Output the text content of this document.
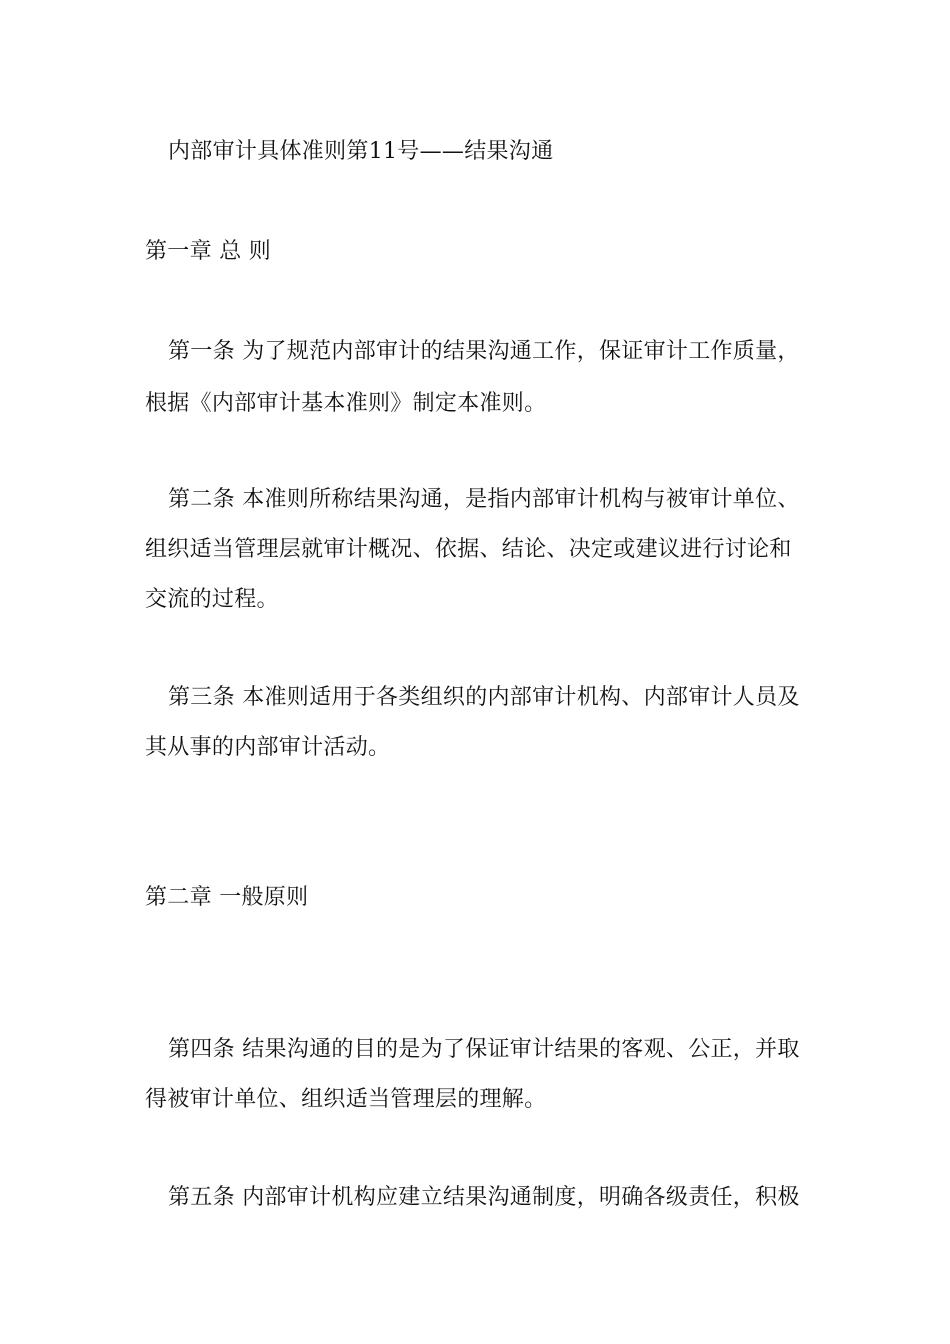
内部审计具体准则第11号——结果沟通
第一章 总 则
第一条 为了规范内部审计的结果沟通工作，保证审计工作质量，
根据《内部审计基本准则》制定本准则。
第二条 本准则所称结果沟通，是指内部审计机构与被审计单位、
组织适当管理层就审计概况、依据、结论、决定或建议进行讨论和
交流的过程。
第三条 本准则适用于各类组织的内部审计机构、内部审计人员及
其从事的内部审计活动。
第二章 一般原则
第四条 结果沟通的目的是为了保证审计结果的客观、公正，并取
得被审计单位、组织适当管理层的理解。
第五条 内部审计机构应建立结果沟通制度，明确各级责任，积极
